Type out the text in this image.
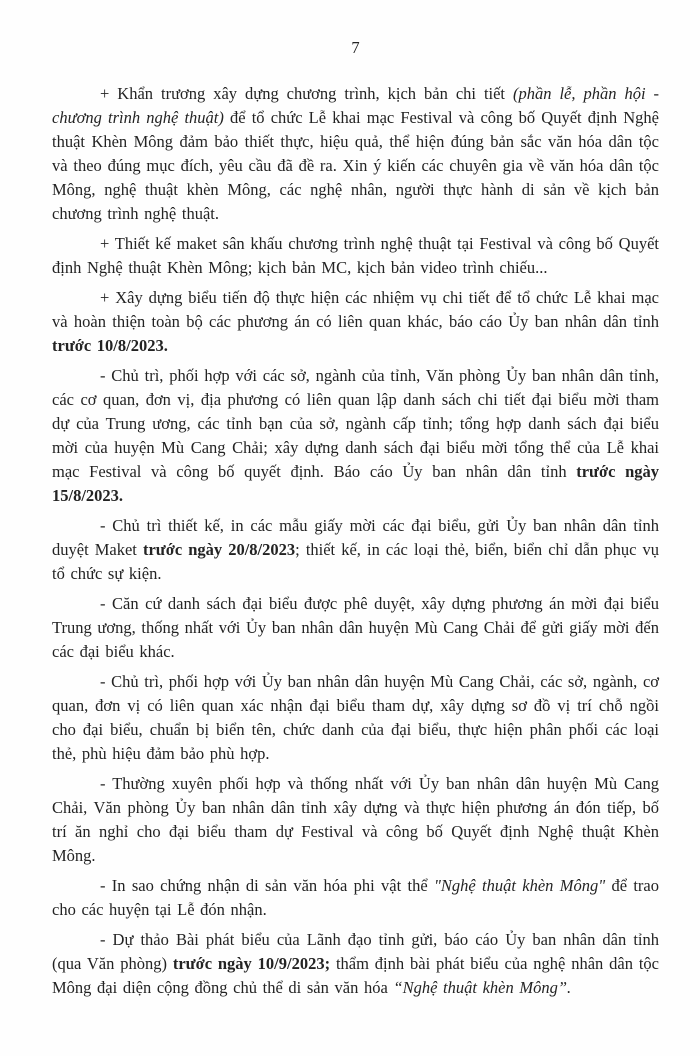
7

+ Khẩn trương xây dựng chương trình, kịch bản chi tiết (phần lễ, phần hội - chương trình nghệ thuật) để tổ chức Lễ khai mạc Festival và công bố Quyết định Nghệ thuật Khèn Mông đảm bảo thiết thực, hiệu quả, thể hiện đúng bản sắc văn hóa dân tộc và theo đúng mục đích, yêu cầu đã đề ra. Xin ý kiến các chuyên gia về văn hóa dân tộc Mông, nghệ thuật khèn Mông, các nghệ nhân, người thực hành di sản về kịch bản chương trình nghệ thuật.

+ Thiết kế maket sân khấu chương trình nghệ thuật tại Festival và công bố Quyết định Nghệ thuật Khèn Mông; kịch bản MC, kịch bản video trình chiếu...

+ Xây dựng biểu tiến độ thực hiện các nhiệm vụ chi tiết để tổ chức Lễ khai mạc và hoàn thiện toàn bộ các phương án có liên quan khác, báo cáo Ủy ban nhân dân tỉnh trước 10/8/2023.

- Chủ trì, phối hợp với các sở, ngành của tỉnh, Văn phòng Ủy ban nhân dân tỉnh, các cơ quan, đơn vị, địa phương có liên quan lập danh sách chi tiết đại biểu mời tham dự của Trung ương, các tỉnh bạn của sở, ngành cấp tỉnh; tổng hợp danh sách đại biểu mời của huyện Mù Cang Chải; xây dựng danh sách đại biểu mời tổng thể của Lễ khai mạc Festival và công bố quyết định. Báo cáo Ủy ban nhân dân tỉnh trước ngày 15/8/2023.

- Chủ trì thiết kế, in các mẫu giấy mời các đại biểu, gửi Ủy ban nhân dân tỉnh duyệt Maket trước ngày 20/8/2023; thiết kế, in các loại thẻ, biển, biển chỉ dẫn phục vụ tổ chức sự kiện.

- Căn cứ danh sách đại biểu được phê duyệt, xây dựng phương án mời đại biểu Trung ương, thống nhất với Ủy ban nhân dân huyện Mù Cang Chải để gửi giấy mời đến các đại biểu khác.

- Chủ trì, phối hợp với Ủy ban nhân dân huyện Mù Cang Chải, các sở, ngành, cơ quan, đơn vị có liên quan xác nhận đại biểu tham dự, xây dựng sơ đồ vị trí chỗ ngồi cho đại biểu, chuẩn bị biển tên, chức danh của đại biểu, thực hiện phân phối các loại thẻ, phù hiệu đảm bảo phù hợp.

- Thường xuyên phối hợp và thống nhất với Ủy ban nhân dân huyện Mù Cang Chải, Văn phòng Ủy ban nhân dân tỉnh xây dựng và thực hiện phương án đón tiếp, bố trí ăn nghỉ cho đại biểu tham dự Festival và công bố Quyết định Nghệ thuật Khèn Mông.

- In sao chứng nhận di sản văn hóa phi vật thể "Nghệ thuật khèn Mông" để trao cho các huyện tại Lễ đón nhận.

- Dự thảo Bài phát biểu của Lãnh đạo tỉnh gửi, báo cáo Ủy ban nhân dân tỉnh (qua Văn phòng) trước ngày 10/9/2023; thẩm định bài phát biểu của nghệ nhân dân tộc Mông đại diện cộng đồng chủ thể di sản văn hóa “Nghệ thuật khèn Mông”.
